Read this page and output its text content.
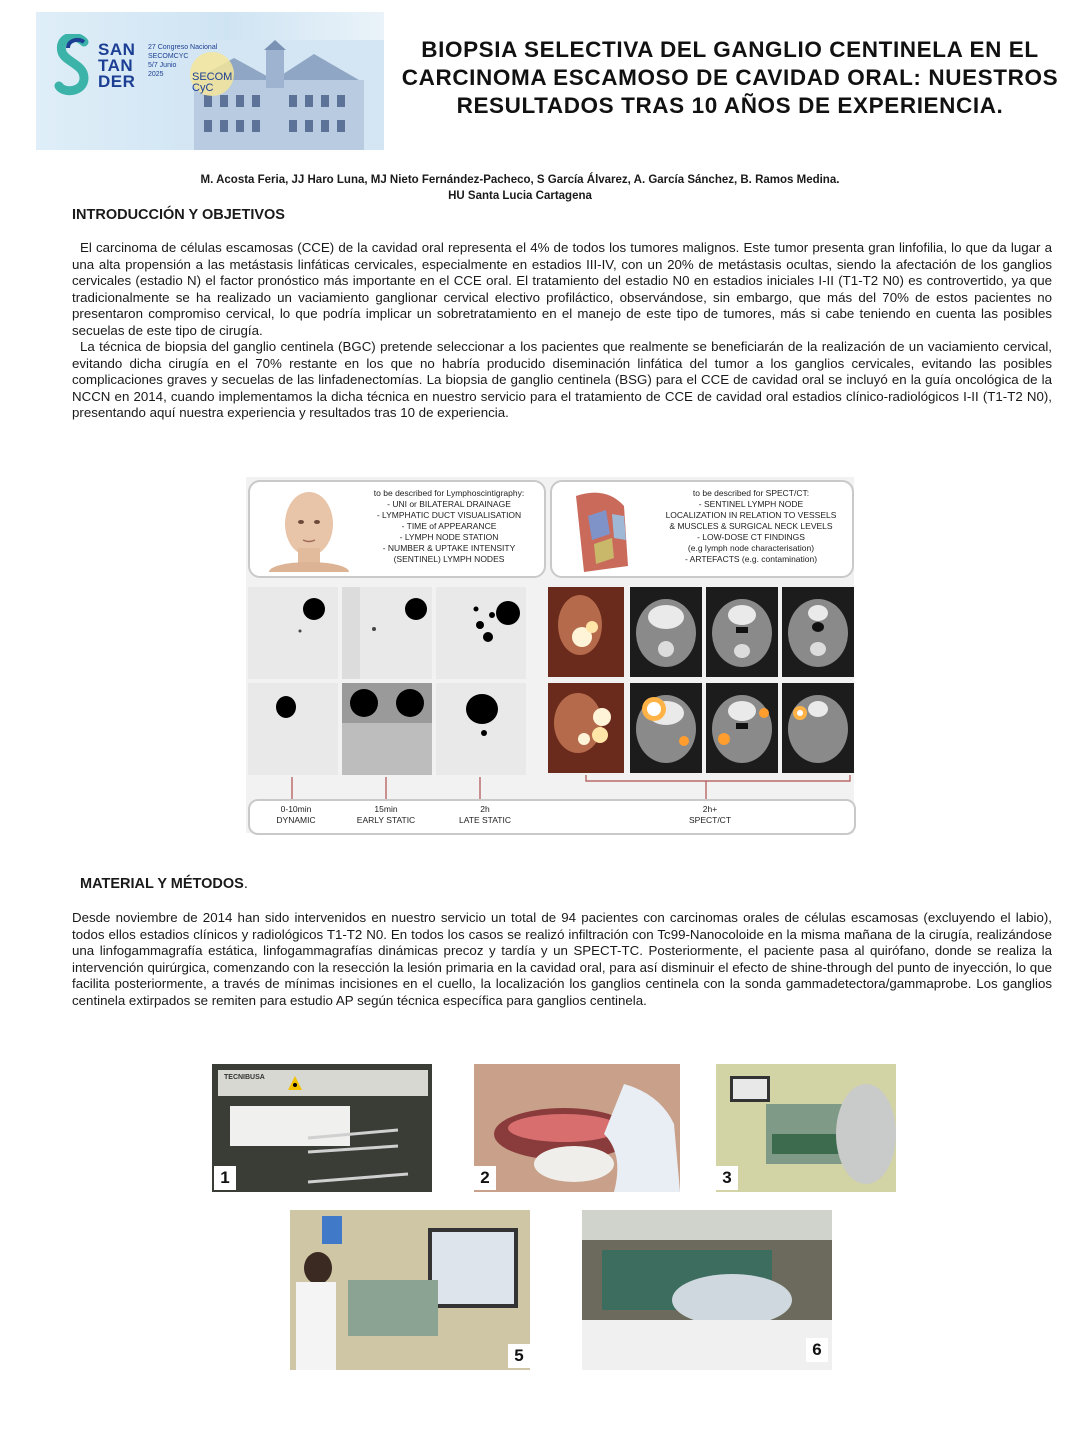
SAN
TAN
DER
27 Congreso Nacional
SECOMCYC
5/7 Junio
2025	SECOM
CyC
BIOPSIA SELECTIVA DEL GANGLIO CENTINELA EN EL CARCINOMA ESCAMOSO DE CAVIDAD ORAL: NUESTROS RESULTADOS TRAS 10 AÑOS DE EXPERIENCIA.
M. Acosta Feria, JJ Haro Luna, MJ Nieto Fernández-Pacheco, S García Álvarez, A. García Sánchez, B. Ramos Medina.
HU Santa Lucia Cartagena
INTRODUCCIÓN Y OBJETIVOS

El carcinoma de células escamosas (CCE) de la cavidad oral representa el 4% de todos los tumores malignos. Este tumor presenta gran linfofilia, lo que da lugar a una alta propensión a las metástasis linfáticas cervicales, especialmente en estadios III-IV, con un 20% de metástasis ocultas, siendo la afectación de los ganglios cervicales (estadio N) el factor pronóstico más importante en el CCE oral. El tratamiento del estadio N0 en estadios iniciales I-II (T1-T2 N0) es controvertido, ya que tradicionalmente se ha realizado un vaciamiento ganglionar cervical electivo profiláctico, observándose, sin embargo, que más del 70% de estos pacientes no presentaron compromiso cervical, lo que podría implicar un sobretratamiento en el manejo de este tipo de tumores, más si cabe teniendo en cuenta las posibles secuelas de este tipo de cirugía.

La técnica de biopsia del ganglio centinela (BGC) pretende seleccionar a los pacientes que realmente se beneficiarán de la realización de un vaciamiento cervical, evitando dicha cirugía en el 70% restante en los que no habría producido diseminación linfática del tumor a los ganglios cervicales, evitando las posibles complicaciones graves y secuelas de las linfadenectomías. La biopsia de ganglio centinela (BSG) para el CCE de cavidad oral se incluyó en la guía oncológica de la NCCN en 2014, cuando implementamos la dicha técnica en nuestro servicio para el tratamiento de CCE de cavidad oral estadios clínico-radiológicos I-II (T1-T2 N0), presentando aquí nuestra experiencia y resultados tras 10 de experiencia.

to be described for Lymphoscintigraphy:
- UNI or BILATERAL DRAINAGE
- LYMPHATIC DUCT VISUALISATION
- TIME of APPEARANCE
- LYMPH NODE STATION
- NUMBER & UPTAKE INTENSITY
(SENTINEL) LYMPH NODES
to be described for SPECT/CT:
- SENTINEL LYMPH NODE
LOCALIZATION IN RELATION TO VESSELS
& MUSCLES & SURGICAL NECK LEVELS
- LOW-DOSE CT FINDINGS
(e.g lymph node characterisation)
- ARTEFACTS (e.g. contamination)
0-10min
DYNAMIC
15min
EARLY STATIC
2h
LATE STATIC
2h+
SPECT/CT
MATERIAL Y MÉTODOS.

Desde noviembre de 2014 han sido intervenidos en nuestro servicio un total de 94 pacientes con carcinomas orales de células escamosas (excluyendo el labio), todos ellos estadios clínicos y radiológicos T1-T2 N0. En todos los casos se realizó infiltración con Tc99-Nanocoloide en la misma mañana de la cirugía, realizándose una linfogammagrafía estática, linfogammagrafías dinámicas precoz y tardía y un SPECT-TC. Posteriormente, el paciente pasa al quirófano, donde se realiza la intervención quirúrgica, comenzando con la resección la lesión primaria en la cavidad oral, para así disminuir el efecto de shine-through del punto de inyección, lo que facilita posteriormente, a través de mínimas incisiones en el cuello, la localización los ganglios centinela con la sonda gammadetectora/gammaprobe. Los ganglios centinela extirpados se remiten para estudio AP según técnica específica para ganglios centinela.

TECNIBUSA
1	2	3
5	6
